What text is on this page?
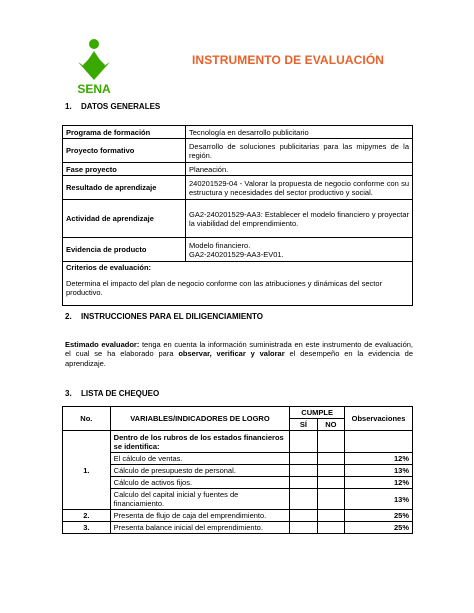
SENA
INSTRUMENTO DE EVALUACIÓN
1. DATOS GENERALES
Programa de formación	Tecnología en desarrollo publicitario
Proyecto formativo	Desarrollo de soluciones publicitarias para las mipymes de la región.
Fase proyecto	Planeación.
Resultado de aprendizaje	240201529-04 - Valorar la propuesta de negocio conforme con su estructura y necesidades del sector productivo y social.
Actividad de aprendizaje	GA2-240201529-AA3: Establecer el modelo financiero y proyectar la viabilidad del emprendimiento.
Evidencia de producto	Modelo financiero.
GA2-240201529-AA3-EV01.

Criterios de evaluación:
Determina el impacto del plan de negocio conforme con las atribuciones y dinámicas del sector productivo.	
2. INSTRUCCIONES PARA EL DILIGENCIAMIENTO
Estimado evaluador: tenga en cuenta la información suministrada en este instrumento de evaluación, el cual se ha elaborado para observar, verificar y valorar el desempeño en la evidencia de aprendizaje.
3. LISTA DE CHEQUEO
No.	VARIABLES/INDICADORES DE LOGRO	CUMPLE		Observaciones
		SÍ	NO	
1.	Dentro de los rubros de los estados financieros se identifica:			
	El cálculo de ventas.			12%
	Cálculo de presupuesto de personal.			13%
	Cálculo de activos fijos.			12%
	Calculo del capital inicial y fuentes de financiamiento.			13%
2.	Presenta de flujo de caja del emprendimiento.			25%
3.	Presenta balance inicial del emprendimiento.			25%
